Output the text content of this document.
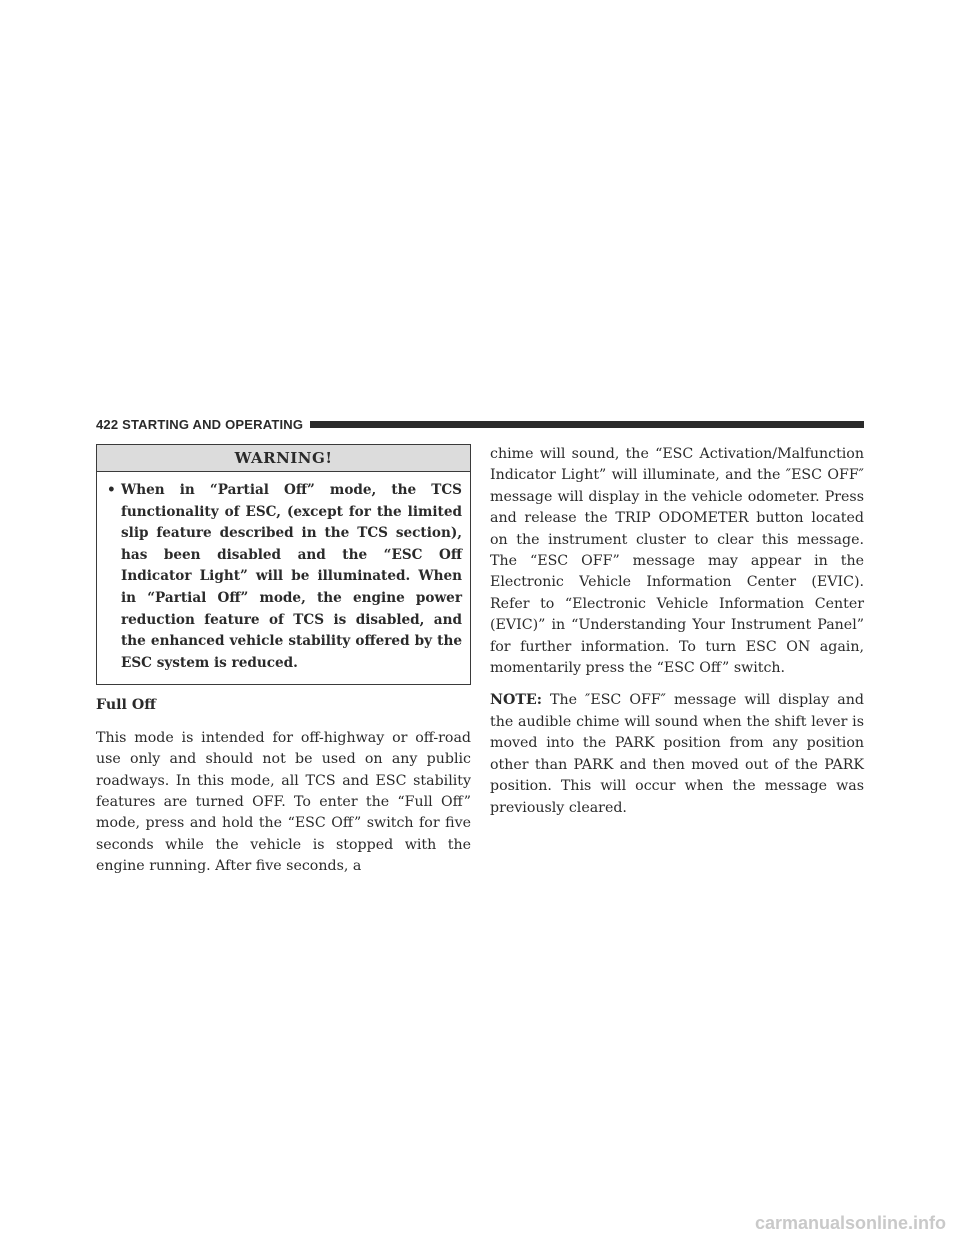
422 STARTING AND OPERATING
WARNING!
• When in “Partial Off” mode, the TCS functionality of ESC, (except for the limited slip feature described in the TCS section), has been disabled and the “ESC Off Indicator Light” will be illuminated. When in “Partial Off” mode, the engine power reduction feature of TCS is disabled, and the enhanced vehicle stability offered by the ESC system is reduced.

Full Off

This mode is intended for off-highway or off-road use only and should not be used on any public roadways. In this mode, all TCS and ESC stability features are turned OFF. To enter the “Full Off” mode, press and hold the “ESC Off” switch for five seconds while the vehicle is stopped with the engine running. After five seconds, a

chime will sound, the “ESC Activation/Malfunction Indicator Light” will illuminate, and the ″ESC OFF″ message will display in the vehicle odometer. Press and release the TRIP ODOMETER button located on the instrument cluster to clear this message. The “ESC OFF” message may appear in the Electronic Vehicle Information Center (EVIC). Refer to “Electronic Vehicle Information Center (EVIC)” in “Understanding Your Instrument Panel” for further information. To turn ESC ON again, momentarily press the “ESC Off” switch.

NOTE: The ″ESC OFF″ message will display and the audible chime will sound when the shift lever is moved into the PARK position from any position other than PARK and then moved out of the PARK position. This will occur when the message was previously cleared.

carmanualsonline.info
